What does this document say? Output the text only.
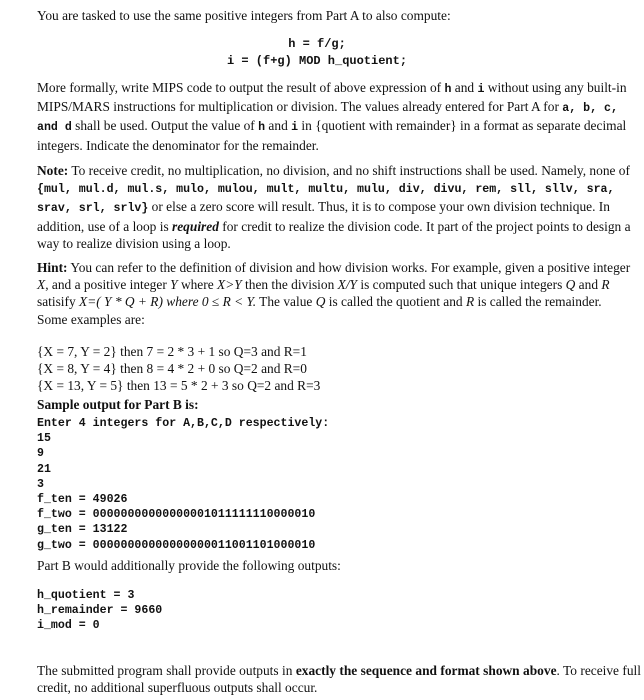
You are tasked to use the same positive integers from Part A to also compute:

h = f/g;
i = (f+g) MOD h_quotient;

More formally, write MIPS code to output the result of above expression of h and i without using any built-in MIPS/MARS instructions for multiplication or division. The values already entered for Part A for a, b, c, and d shall be used. Output the value of h and i in {quotient with remainder} in a format as separate decimal integers. Indicate the denominator for the remainder.

Note: To receive credit, no multiplication, no division, and no shift instructions shall be used. Namely, none of {mul, mul.d, mul.s, mulo, mulou, mult, multu, mulu, div, divu, rem, sll, sllv, sra, srav, srl, srlv} or else a zero score will result. Thus, it is to compose your own division technique. In addition, use of a loop is required for credit to realize the division code. It part of the project points to design a way to realize division using a loop.

Hint: You can refer to the definition of division and how division works. For example, given a positive integer X, and a positive integer Y where X>Y then the division X/Y is computed such that unique integers Q and R satisify X=( Y * Q + R) where 0 ≤ R < Y. The value Q is called the quotient and R is called the remainder. Some examples are:

{X = 7, Y = 2} then 7 = 2 * 3 + 1 so Q=3 and R=1
{X = 8, Y = 4} then 8 = 4 * 2 + 0 so Q=2 and R=0
{X = 13, Y = 5} then 13 = 5 * 2 + 3 so Q=2 and R=3
Sample output for Part B is:
Enter 4 integers for A,B,C,D respectively:
15
9
21
3
f_ten = 49026
f_two = 00000000000000001011111110000010
g_ten = 13122
g_two = 00000000000000000011001101000010
Part B would additionally provide the following outputs:
h_quotient = 3
h_remainder = 9660
i_mod = 0

The submitted program shall provide outputs in exactly the sequence and format shown above. To receive full credit, no additional superfluous outputs shall occur.
